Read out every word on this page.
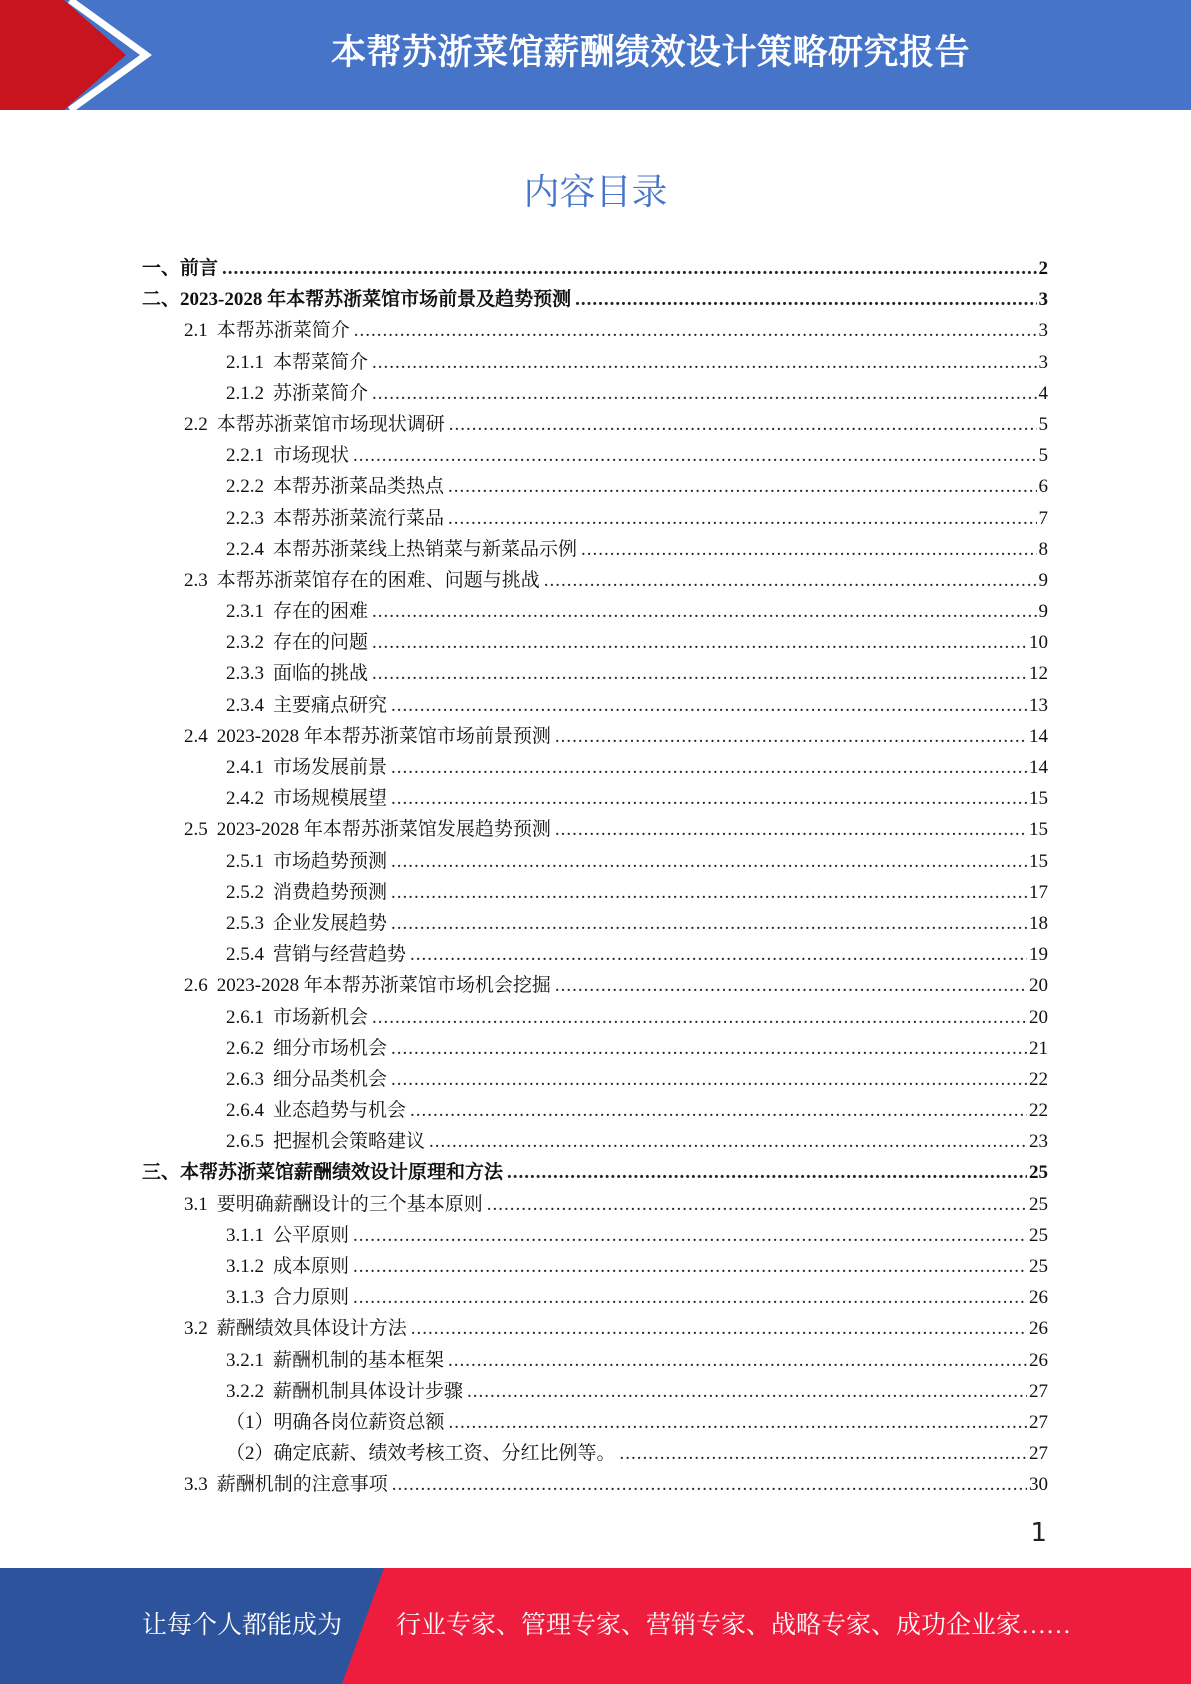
本帮苏浙菜馆薪酬绩效设计策略研究报告
内容目录
一、前言 .....	2
二、2023-2028 年本帮苏浙菜馆市场前景及趋势预测 .....	3
2.1 本帮苏浙菜简介 .....	3
2.1.1 本帮菜简介 .....	3
2.1.2 苏浙菜简介 .....	4
2.2 本帮苏浙菜馆市场现状调研 .....	5
2.2.1 市场现状 .....	5
2.2.2 本帮苏浙菜品类热点 .....	6
2.2.3 本帮苏浙菜流行菜品 .....	7
2.2.4 本帮苏浙菜线上热销菜与新菜品示例 .....	8
2.3 本帮苏浙菜馆存在的困难、问题与挑战 .....	9
2.3.1 存在的困难 .....	9
2.3.2 存在的问题 .....	10
2.3.3 面临的挑战 .....	12
2.3.4 主要痛点研究 .....	13
2.4 2023-2028 年本帮苏浙菜馆市场前景预测 .....	14
2.4.1 市场发展前景 .....	14
2.4.2 市场规模展望 .....	15
2.5 2023-2028 年本帮苏浙菜馆发展趋势预测 .....	15
2.5.1 市场趋势预测 .....	15
2.5.2 消费趋势预测 .....	17
2.5.3 企业发展趋势 .....	18
2.5.4 营销与经营趋势 .....	19
2.6 2023-2028 年本帮苏浙菜馆市场机会挖掘 .....	20
2.6.1 市场新机会 .....	20
2.6.2 细分市场机会 .....	21
2.6.3 细分品类机会 .....	22
2.6.4 业态趋势与机会 .....	22
2.6.5 把握机会策略建议 .....	23
三、本帮苏浙菜馆薪酬绩效设计原理和方法 .....	25
3.1 要明确薪酬设计的三个基本原则 .....	25
3.1.1 公平原则 .....	25
3.1.2 成本原则 .....	25
3.1.3 合力原则 .....	26
3.2 薪酬绩效具体设计方法 .....	26
3.2.1 薪酬机制的基本框架 .....	26
3.2.2 薪酬机制具体设计步骤 .....	27
（1）明确各岗位薪资总额 .....	27
（2）确定底薪、绩效考核工资、分红比例等。 .....	27
3.3 薪酬机制的注意事项 .....	30
1
让每个人都能成为 行业专家、管理专家、营销专家、战略专家、成功企业家……
